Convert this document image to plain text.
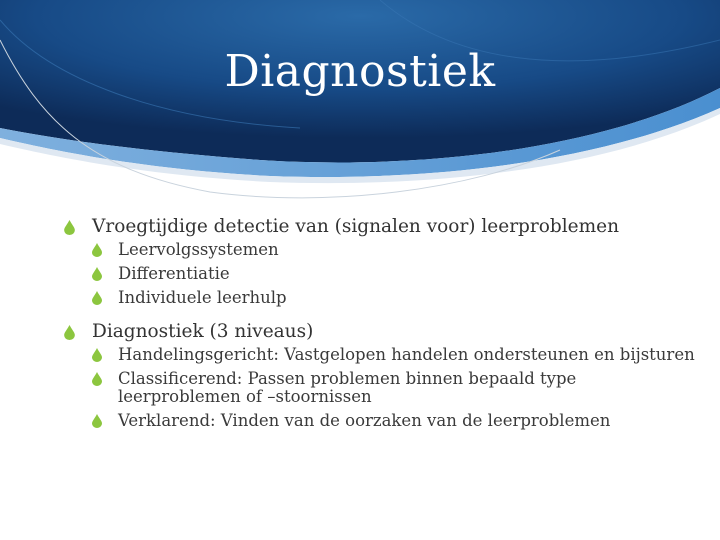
Diagnostiek
Vroegtijdige detectie van (signalen voor) leerproblemen
Leervolgssystemen
Differentiatie
Individuele leerhulp
Diagnostiek (3 niveaus)
Handelingsgericht: Vastgelopen handelen ondersteunen en bijsturen
Classificerend: Passen problemen binnen bepaald type leerproblemen of –stoornissen
Verklarend: Vinden van de oorzaken van de leerproblemen
